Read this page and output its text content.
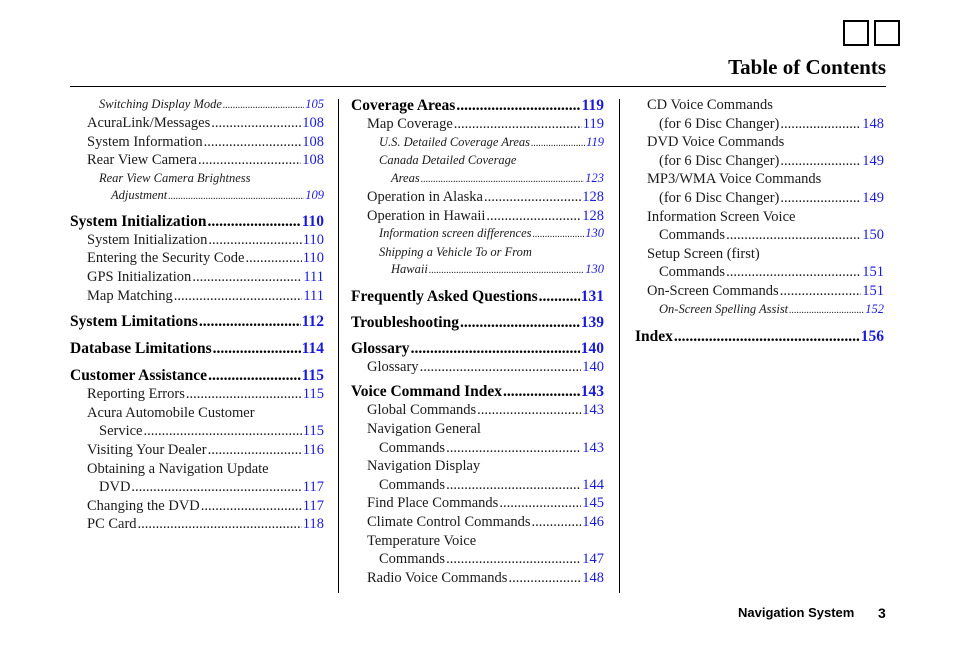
Table of Contents
Switching Display Mode .....	105
AcuraLink/Messages .....	108
System Information .....	108
Rear View Camera .....	108
Rear View Camera Brightness
Adjustment .....	109
System Initialization .....	110
System Initialization .....	110
Entering the Security Code .....	110
GPS Initialization .....	111
Map Matching .....	111
System Limitations .....	112
Database Limitations .....	114
Customer Assistance .....	115
Reporting Errors .....	115
Acura Automobile Customer
Service .....	115
Visiting Your Dealer .....	116
Obtaining a Navigation Update
DVD .....	117
Changing the DVD .....	117
PC Card .....	118
Coverage Areas .....	119
Map Coverage .....	119
U.S. Detailed Coverage Areas .....	119
Canada Detailed Coverage
Areas .....	123
Operation in Alaska .....	128
Operation in Hawaii .....	128
Information screen differences .....	130
Shipping a Vehicle To or From
Hawaii .....	130
Frequently Asked Questions .....	131
Troubleshooting .....	139
Glossary .....	140
Glossary .....	140
Voice Command Index .....	143
Global Commands .....	143
Navigation General
Commands .....	143
Navigation Display
Commands .....	144
Find Place Commands .....	145
Climate Control Commands .....	146
Temperature Voice
Commands .....	147
Radio Voice Commands .....	148
CD Voice Commands
(for 6 Disc Changer) .....	148
DVD Voice Commands
(for 6 Disc Changer) .....	149
MP3/WMA Voice Commands
(for 6 Disc Changer) .....	149
Information Screen Voice
Commands .....	150
Setup Screen (first)
Commands .....	151
On-Screen Commands .....	151
On-Screen Spelling Assist .....	152
Index .....	156
Navigation System 3
